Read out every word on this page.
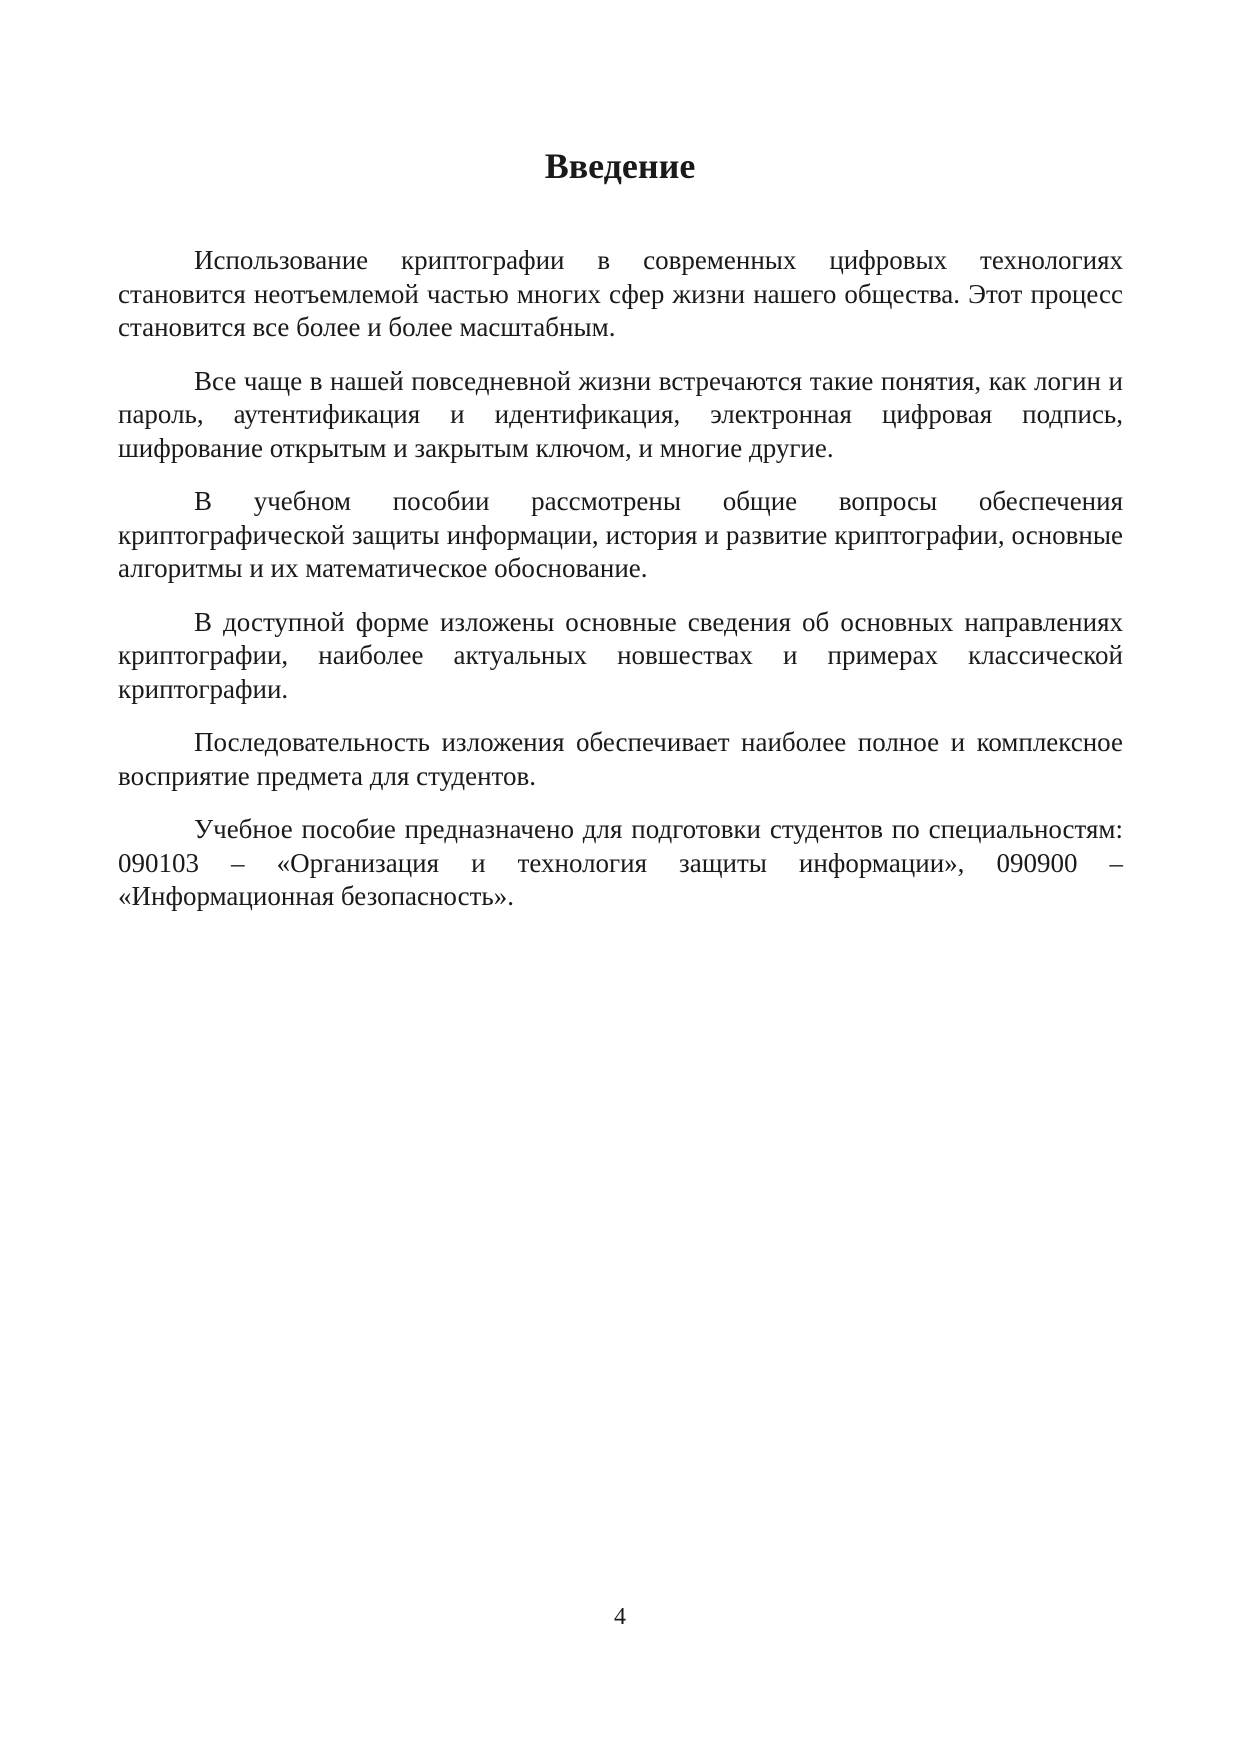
Введение

Использование криптографии в современных цифровых технологиях становится неотъемлемой частью многих сфер жизни нашего общества. Этот процесс становится все более и более масштабным.

Все чаще в нашей повседневной жизни встречаются такие понятия, как логин и пароль, аутентификация и идентификация, электронная цифровая подпись, шифрование открытым и закрытым ключом, и многие другие.

В учебном пособии рассмотрены общие вопросы обеспечения криптографической защиты информации, история и развитие криптографии, основные алгоритмы и их математическое обоснование.

В доступной форме изложены основные сведения об основных направлениях криптографии, наиболее актуальных новшествах и примерах классической криптографии.

Последовательность изложения обеспечивает наиболее полное и комплексное восприятие предмета для студентов.

Учебное пособие предназначено для подготовки студентов по специальностям: 090103 – «Организация и технология защиты информации», 090900 – «Информационная безопасность».

4
